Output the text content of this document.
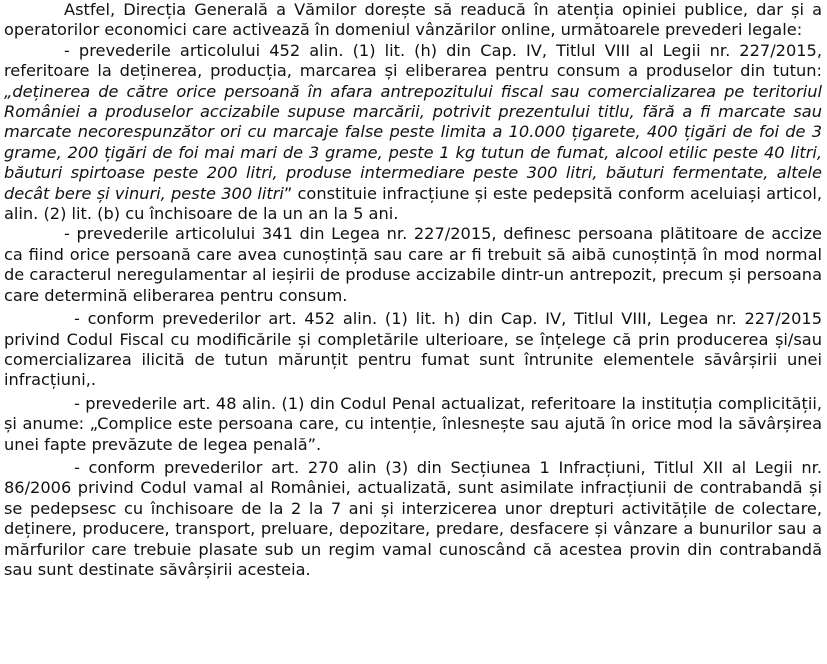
Astfel, Direcția Generală a Vămilor dorește să readucă în atenția opiniei publice, dar și a operatorilor economici care activează în domeniul vânzărilor online, următoarele prevederi legale:

- prevederile articolului 452 alin. (1) lit. (h) din Cap. IV, Titlul VIII al Legii nr. 227/2015, referitoare la deținerea, producția, marcarea și eliberarea pentru consum a produselor din tutun: „deținerea de către orice persoană în afara antrepozitului fiscal sau comercializarea pe teritoriul României a produselor accizabile supuse marcării, potrivit prezentului titlu, fără a fi marcate sau marcate necorespunzător ori cu marcaje false peste limita a 10.000 țigarete, 400 țigări de foi de 3 grame, 200 țigări de foi mai mari de 3 grame, peste 1 kg tutun de fumat, alcool etilic peste 40 litri, băuturi spirtoase peste 200 litri, produse intermediare peste 300 litri, băuturi fermentate, altele decât bere și vinuri, peste 300 litri” constituie infracțiune și este pedepsită conform aceluiași articol, alin. (2) lit. (b) cu închisoare de la un an la 5 ani.

- prevederile articolului 341 din Legea nr. 227/2015, definesc persoana plătitoare de accize ca fiind orice persoană care avea cunoștință sau care ar fi trebuit să aibă cunoștință în mod normal de caracterul neregulamentar al ieșirii de produse accizabile dintr-un antrepozit, precum și persoana care determină eliberarea pentru consum.

- conform prevederilor art. 452 alin. (1) lit. h) din Cap. IV, Titlul VIII, Legea nr. 227/2015 privind Codul Fiscal cu modificările și completările ulterioare, se înțelege că prin producerea și/sau comercializarea ilicită de tutun mărunțit pentru fumat sunt întrunite elementele săvârșirii unei infracțiuni,.

- prevederile art. 48 alin. (1) din Codul Penal actualizat, referitoare la instituția complicității, și anume: „Complice este persoana care, cu intenție, înlesnește sau ajută în orice mod la săvârșirea unei fapte prevăzute de legea penală”.

- conform prevederilor art. 270 alin (3) din Secțiunea 1 Infracțiuni, Titlul XII al Legii nr. 86/2006 privind Codul vamal al României, actualizată, sunt asimilate infracțiunii de contrabandă și se pedepsesc cu închisoare de la 2 la 7 ani și interzicerea unor drepturi activitățile de colectare, deținere, producere, transport, preluare, depozitare, predare, desfacere și vânzare a bunurilor sau a mărfurilor care trebuie plasate sub un regim vamal cunoscând că acestea provin din contrabandă sau sunt destinate săvârșirii acesteia.
